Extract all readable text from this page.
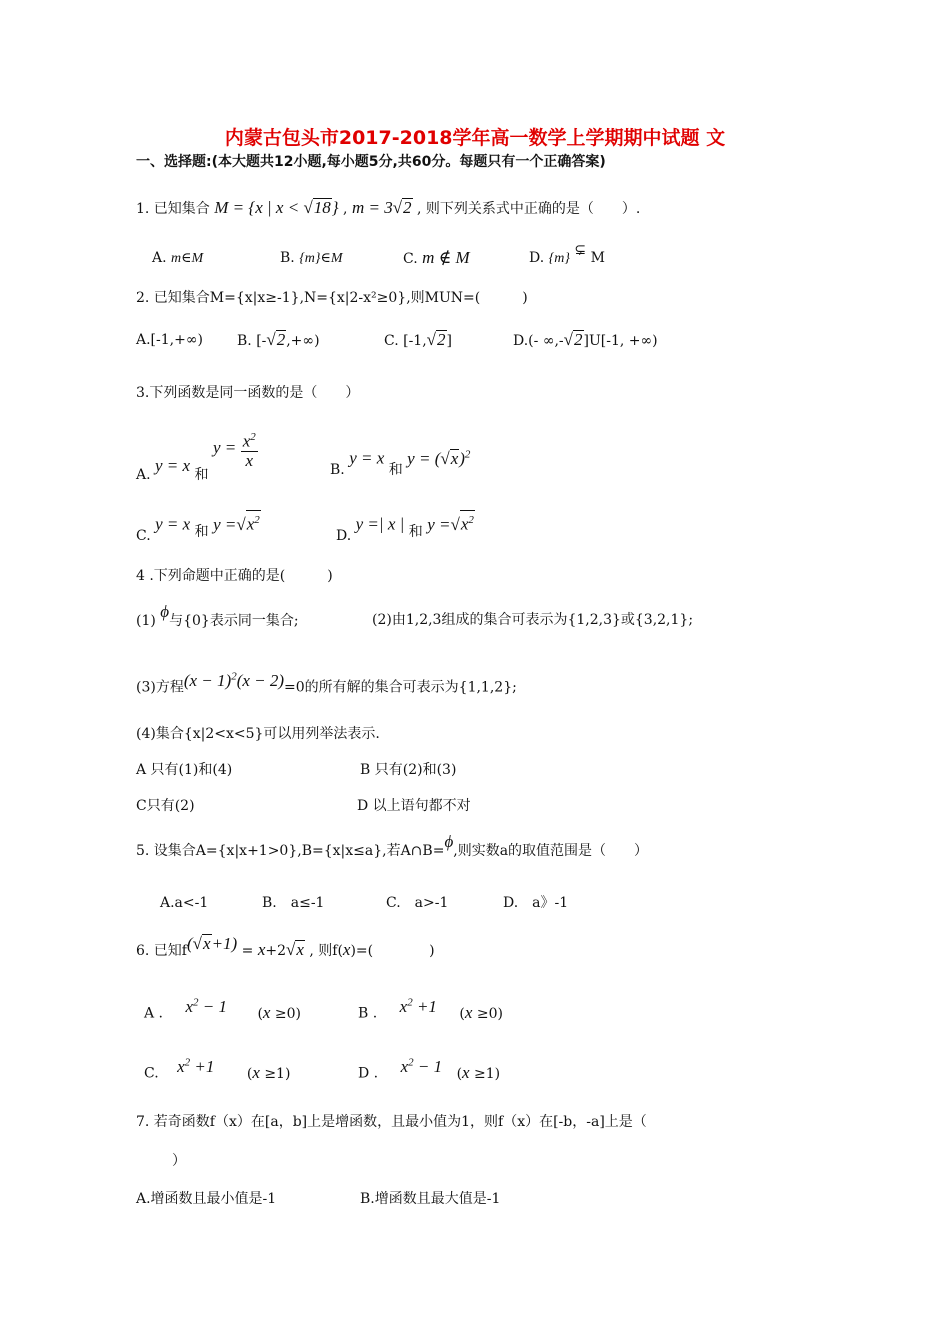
内蒙古包头市2017-2018学年高一数学上学期期中试题 文
一、选择题:(本大题共12小题,每小题5分,共60分。每题只有一个正确答案)
1. 已知集合 M = {x | x < √18} , m = 3√2 , 则下列关系式中正确的是（　　）.
A. m∈M	B. {m}∈M	C. m ∉ M	D. {m} ⊊ M
2. 已知集合M={x|x≥-1},N={x|2-x²≥0},则MUN=(　　　)
A.[-1,+∞) B. [-√2,+∞)	C. [-1,√2]	D.(- ∞,-√2]U[-1, +∞)
3.下列函数是同一函数的是（　　）
A. y = x 和 $y = \frac{x^2}{x}$	B. y = x 和 $y = (√x)^2$
C. y = x 和 $y =√x^2$
D. y =| x | 和 $y =√x^2$
4 .下列命题中正确的是(　　　)
(1) ϕ与{0}表示同一集合;	(2)由1,2,3组成的集合可表示为{1,2,3}或{3,2,1};
(3)方程$(x - 1)^2(x - 2)=0$的所有解的集合可表示为{1,1,2};
(4)集合{x|2<x<5}可以用列举法表示.
A 只有(1)和(4)	B 只有(2)和(3)
C只有(2)	D 以上语句都不对
5. 设集合A={x|x+1>0},B={x|x≤a},若A∩B=ϕ,则实数a的取值范围是（　　）
A.a<-1	B.　a≤-1	C.　a>-1	D.　a》-1
6. 已知f(√x+1) = x+2√x , 则f(x)=(　　　　)
A . $x^2 - 1$ (x ≥0)	B . $x^2 +1$ (x ≥0)
C. $x^2 +1$ (x ≥1)	D . $x^2 - 1$ (x ≥1)
7. 若奇函数f（x）在[a，b]上是增函数，且最小值为1，则f（x）在[-b，-a]上是（
）
A.增函数且最小值是-1	B.增函数且最大值是-1
